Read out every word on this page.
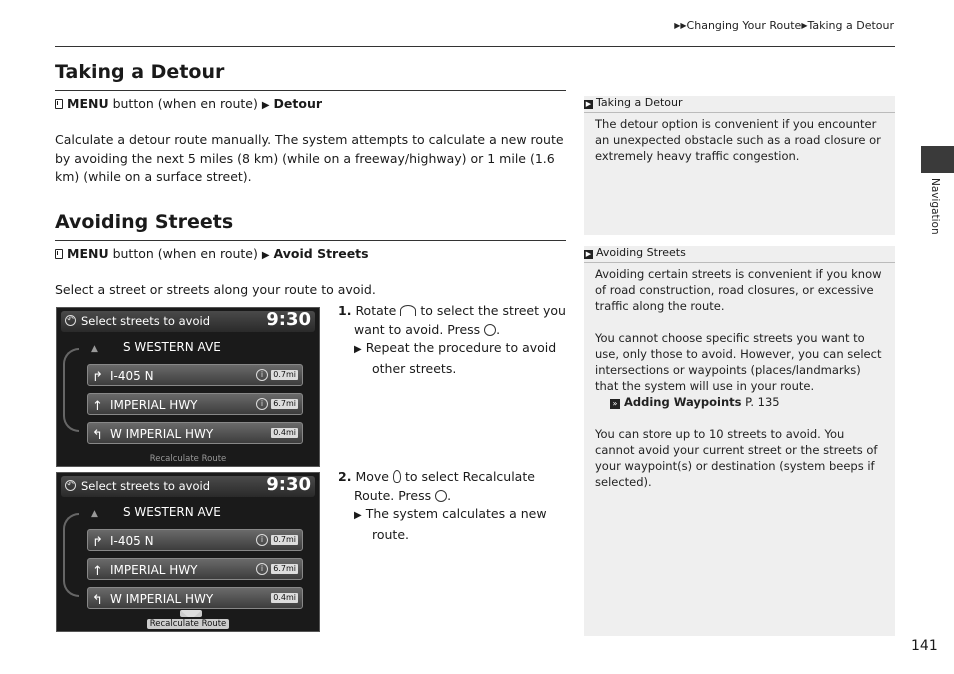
▶▶Changing Your Route▶Taking a Detour
Taking a Detour
MENU button (when en route) ▶ Detour
Calculate a detour route manually. The system attempts to calculate a new route by avoiding the next 5 miles (8 km) (while on a freeway/highway) or 1 mile (1.6 km) (while on a surface street).
Avoiding Streets
MENU button (when en route) ▶ Avoid Streets
Select a street or streets along your route to avoid.
↶ Select streets to avoid	9:30
▲ S WESTERN AVE
↱ I-405 N	i	0.7mi
↑ IMPERIAL HWY	i	6.7mi
↰ W IMPERIAL HWY	0.4mi
Recalculate Route
↶ Select streets to avoid	9:30
▲ S WESTERN AVE
↱ I-405 N	i	0.7mi
↑ IMPERIAL HWY	i	6.7mi
↰ W IMPERIAL HWY	0.4mi
Recalculate Route
1. Rotate to select the street you want to avoid. Press .
▶ Repeat the procedure to avoid other streets.
2. Move to select Recalculate Route. Press .
▶ The system calculates a new route.
▶ Taking a Detour
The detour option is convenient if you encounter an unexpected obstacle such as a road closure or extremely heavy traffic congestion.
▶ Avoiding Streets
Avoiding certain streets is convenient if you know of road construction, road closures, or excessive traffic along the route.
You cannot choose specific streets you want to use, only those to avoid. However, you can select intersections or waypoints (places/landmarks) that the system will use in your route.
» Adding Waypoints P. 135
You can store up to 10 streets to avoid. You cannot avoid your current street or the streets of your waypoint(s) or destination (system beeps if selected).
Navigation
141
